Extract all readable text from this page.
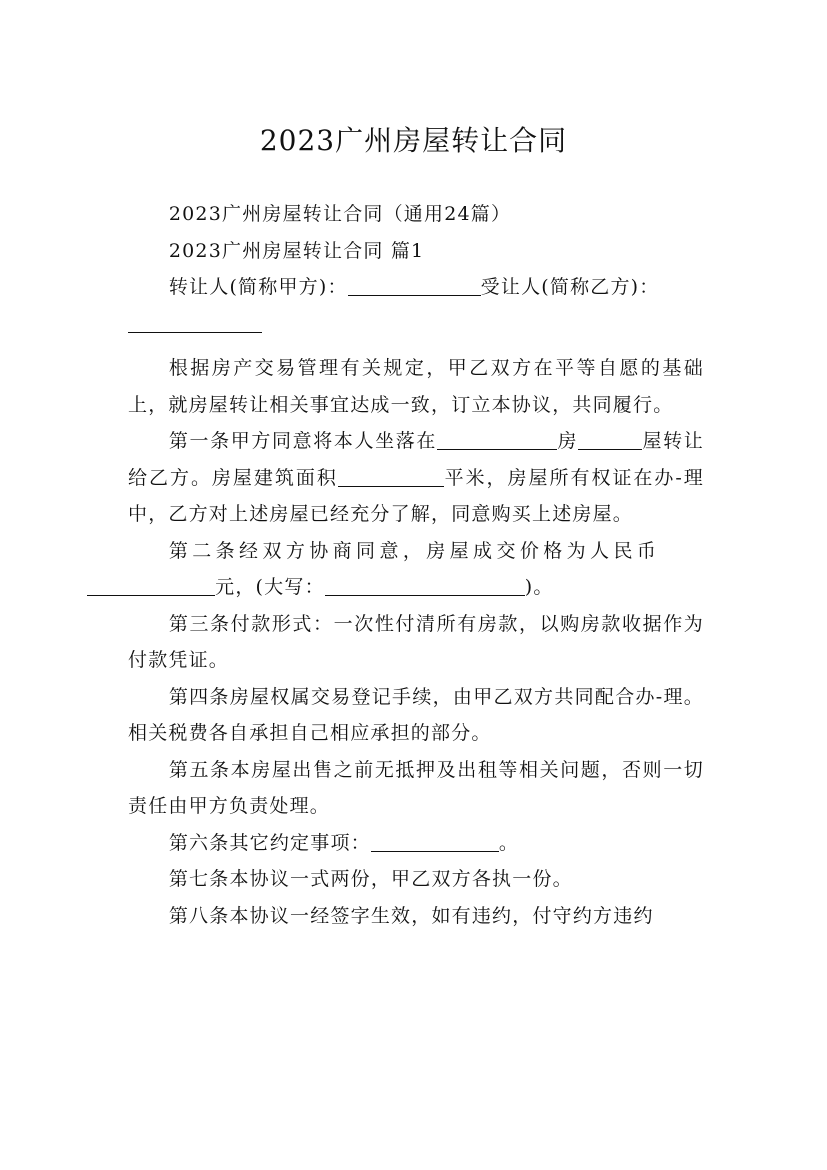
2023广州房屋转让合同

2023广州房屋转让合同（通用24篇）

2023广州房屋转让合同 篇1

转让人(简称甲方)：	受让人(简称乙方)：

根据房产交易管理有关规定，甲乙双方在平等自愿的基础上，就房屋转让相关事宜达成一致，订立本协议，共同履行。

第一条甲方同意将本人坐落在	房	屋转让给乙方。房屋建筑面积	平米，房屋所有权证在办-理中，乙方对上述房屋已经充分了解，同意购买上述房屋。

第二条经双方协商同意，房屋成交价格为人民币
元，(大写：	)。

第三条付款形式：一次性付清所有房款，以购房款收据作为付款凭证。

第四条房屋权属交易登记手续，由甲乙双方共同配合办-理。相关税费各自承担自己相应承担的部分。

第五条本房屋出售之前无抵押及出租等相关问题，否则一切责任由甲方负责处理。

第六条其它约定事项：	。

第七条本协议一式两份，甲乙双方各执一份。

第八条本协议一经签字生效，如有违约，付守约方违约
